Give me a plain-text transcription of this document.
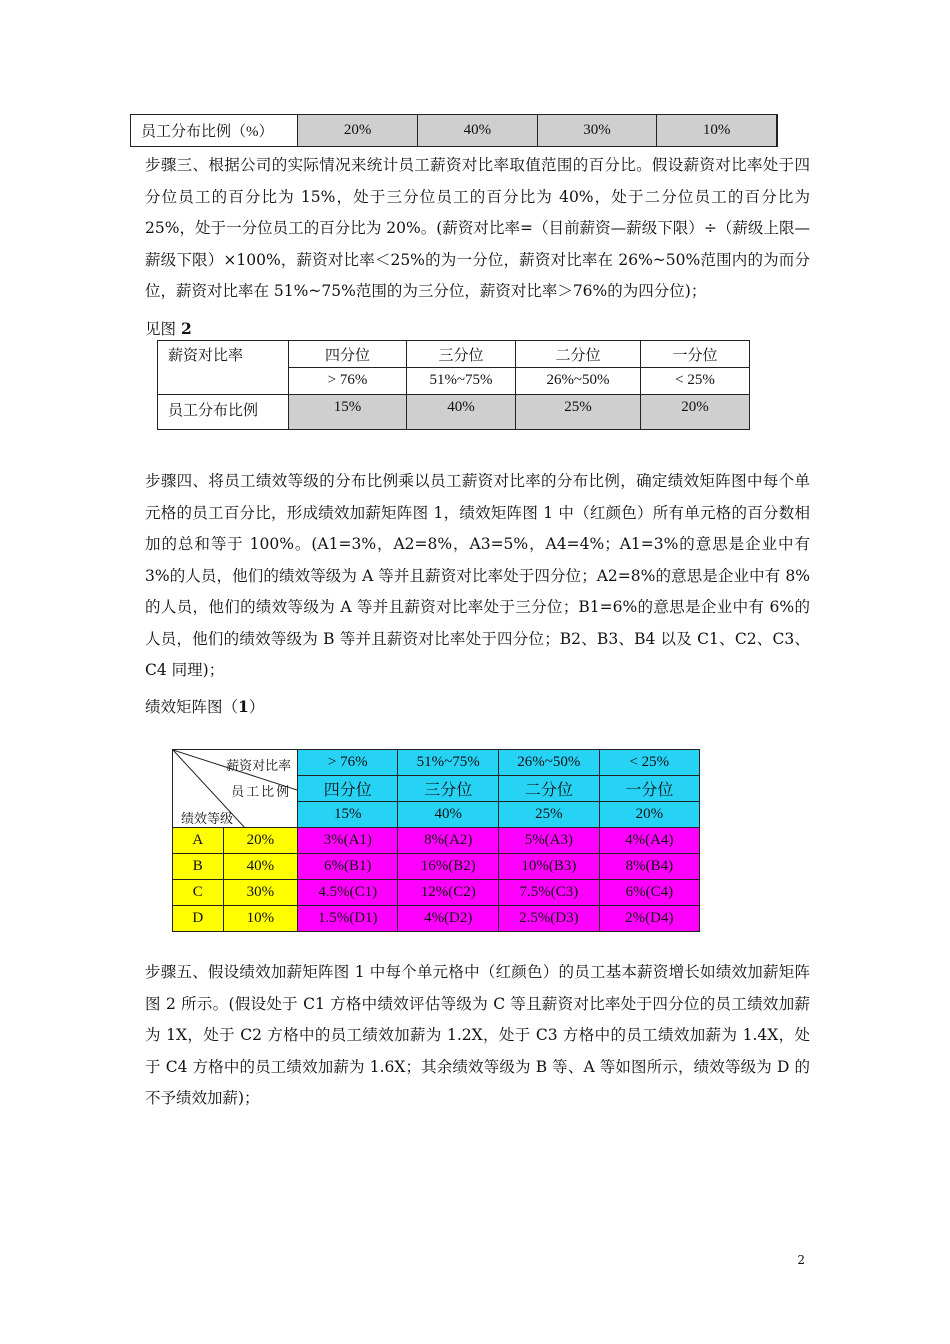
员工分布比例（%）	20%	40%	30%	10%

步骤三、根据公司的实际情况来统计员工薪资对比率取值范围的百分比。假设薪资对比率处于四分位员工的百分比为 15%，处于三分位员工的百分比为 40%，处于二分位员工的百分比为 25%，处于一分位员工的百分比为 20%。(薪资对比率=（目前薪资—薪级下限）÷（薪级上限—薪级下限）×100%，薪资对比率＜25%的为一分位，薪资对比率在 26%~50%范围内的为而分位，薪资对比率在 51%~75%范围的为三分位，薪资对比率＞76%的为四分位)；

见图 2
薪资对比率	四分位	三分位	二分位	一分位
	> 76%	51%~75%	26%~50%	< 25%
员工分布比例	15%	40%	25%	20%

步骤四、将员工绩效等级的分布比例乘以员工薪资对比率的分布比例，确定绩效矩阵图中每个单元格的员工百分比，形成绩效加薪矩阵图 1，绩效矩阵图 1 中（红颜色）所有单元格的百分数相加的总和等于 100%。(A1=3%，A2=8%，A3=5%，A4=4%；A1=3%的意思是企业中有 3%的人员，他们的绩效等级为 A 等并且薪资对比率处于四分位；A2=8%的意思是企业中有 8%的人员，他们的绩效等级为 A 等并且薪资对比率处于三分位；B1=6%的意思是企业中有 6%的人员，他们的绩效等级为 B 等并且薪资对比率处于四分位；B2、B3、B4 以及 C1、C2、C3、C4 同理)；

绩效矩阵图（1）
薪资对比率
员工比例
绩效等级		> 76%	51%~75%	26%~50%	< 25%
		四分位	三分位	二分位	一分位
		15%	40%	25%	20%
A	20%	3%(A1)	8%(A2)	5%(A3)	4%(A4)
B	40%	6%(B1)	16%(B2)	10%(B3)	8%(B4)
C	30%	4.5%(C1)	12%(C2)	7.5%(C3)	6%(C4)
D	10%	1.5%(D1)	4%(D2)	2.5%(D3)	2%(D4)

步骤五、假设绩效加薪矩阵图 1 中每个单元格中（红颜色）的员工基本薪资增长如绩效加薪矩阵图 2 所示。(假设处于 C1 方格中绩效评估等级为 C 等且薪资对比率处于四分位的员工绩效加薪为 1X，处于 C2 方格中的员工绩效加薪为 1.2X，处于 C3 方格中的员工绩效加薪为 1.4X，处于 C4 方格中的员工绩效加薪为 1.6X；其余绩效等级为 B 等、A 等如图所示，绩效等级为 D 的不予绩效加薪)；

2
